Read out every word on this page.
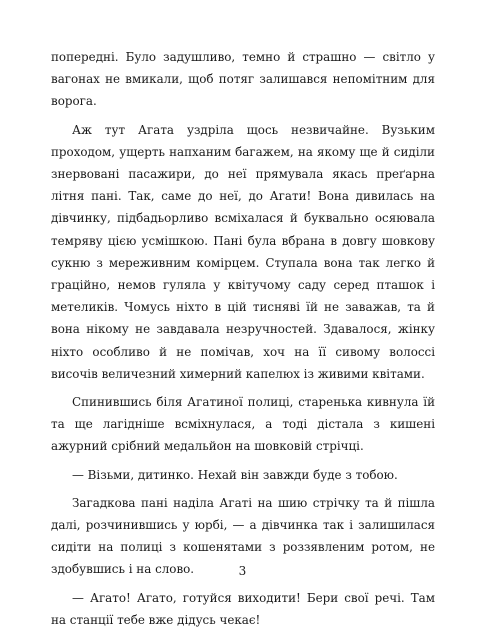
попередні. Було задушливо, темно й страшно — світло у вагонах не вмикали, щоб потяг залишався непомітним для ворога.

Аж тут Агата уздріла щось незвичайне. Вузьким проходом, ущерть напханим багажем, на якому ще й сиділи знервовані пасажири, до неї прямувала якась преґарна літня пані. Так, саме до неї, до Агати! Вона дивилась на дівчинку, підбадьорливо всміхалася й буквально осяювала темряву цією усмішкою. Пані була вбрана в довгу шовкову сукню з мереживним комірцем. Ступала вона так легко й граційно, немов гуляла у квітучому саду серед пташок і метеликів. Чомусь ніхто в цій тисняві їй не заважав, та й вона нікому не завдавала незручностей. Здавалося, жінку ніхто особливо й не помічав, хоч на її сивому волоссі височів величезний химерний капелюх із живими квітами.

Спинившись біля Агатиної полиці, старенька кивнула їй та ще лагідніше всміхнулася, а тоді дістала з кишені ажурний срібний медальйон на шовковій стрічці.

— Візьми, дитинко. Нехай він завжди буде з тобою.

Загадкова пані наділа Агаті на шию стрічку та й пішла далі, розчинившись у юрбі, — а дівчинка так і залишилася сидіти на полиці з кошенятами з роззявленим ротом, не здобувшись і на слово.

— Агато! Агато, готуйся виходити! Бери свої речі. Там на станції тебе вже дідусь чекає!

3
